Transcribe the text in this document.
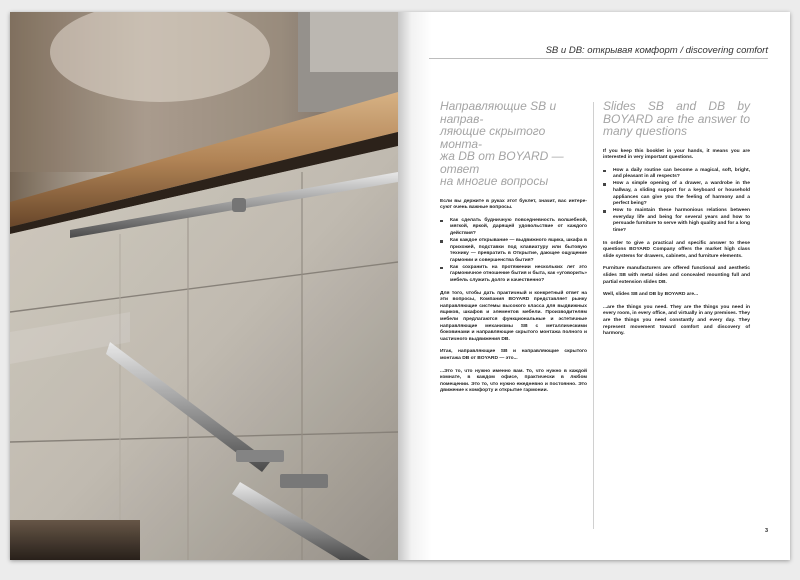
SB и DB: открывая комфорт / discovering comfort
Направляющие SB и направ-
ляющие скрытого монта-
жа DB от BOYARD — ответ
на многие вопросы

Если вы держите в руках этот буклет, значит, вас интере-суют очень важные вопросы.

Как сделать будничную повседневность волшебной, мягкой, яркой, дарящей удовольствие от каждого действия?
Как каждое открывание — выдвижного ящика, шкафа в прихожей, подставки под клавиатуру или бытовую технику — превратить в Открытие, дающее ощущение гармонии и совершенства бытия?
Как сохранить на протяжении нескольких лет это гармоничное отношение бытия и быта, как «уговорить» мебель служить долго и качественно?

Для того, чтобы дать практичный и конкретный ответ на эти вопросы, Компания BOYARD представляет рынку направляющие системы высокого класса для выдвижных ящиков, шкафов и элементов мебели. Производителям мебели предлагаются функциональные и эстетичные направляющие механизмы SB с металлическими боковинами и направляющие скрытого монтажа полного и частичного выдвижения DB.

Итак, направляющие SB и направляющие скрытого монтажа DB от BOYARD — это...

...Это то, что нужно именно вам. То, что нужно в каждой комнате, в каждом офисе, практически в любом помещении. Это то, что нужно ежедневно и постоянно. Это движение к комфорту и открытие гармонии.

Slides SB and DB by BOYARD are the answer to many questions

If you keep this booklet in your hands, it means you are interested in very important questions.

How a daily routine can become a magical, soft, bright, and pleasant in all respects?
How a simple opening of a drawer, a wardrobe in the hallway, a sliding support for a keyboard or household appliances can give you the feeling of harmony and a perfect being?
How to maintain these harmonious relations between everyday life and being for several years and how to persuade furniture to serve with high quality and for a long time?

In order to give a practical and specific answer to these questions BOYARD Company offers the market high class slide systems for drawers, cabinets, and furniture elements.

Furniture manufacturers are offered functional and aesthetic slides SB with metal sides and concealed mounting full and partial extension slides DB.

Well, slides SB and DB by BOYARD are...

...are the things you need. They are the things you need in every room, in every office, and virtually in any premises. They are the things you need constantly and every day. They represent movement toward comfort and discovery of harmony.

3
